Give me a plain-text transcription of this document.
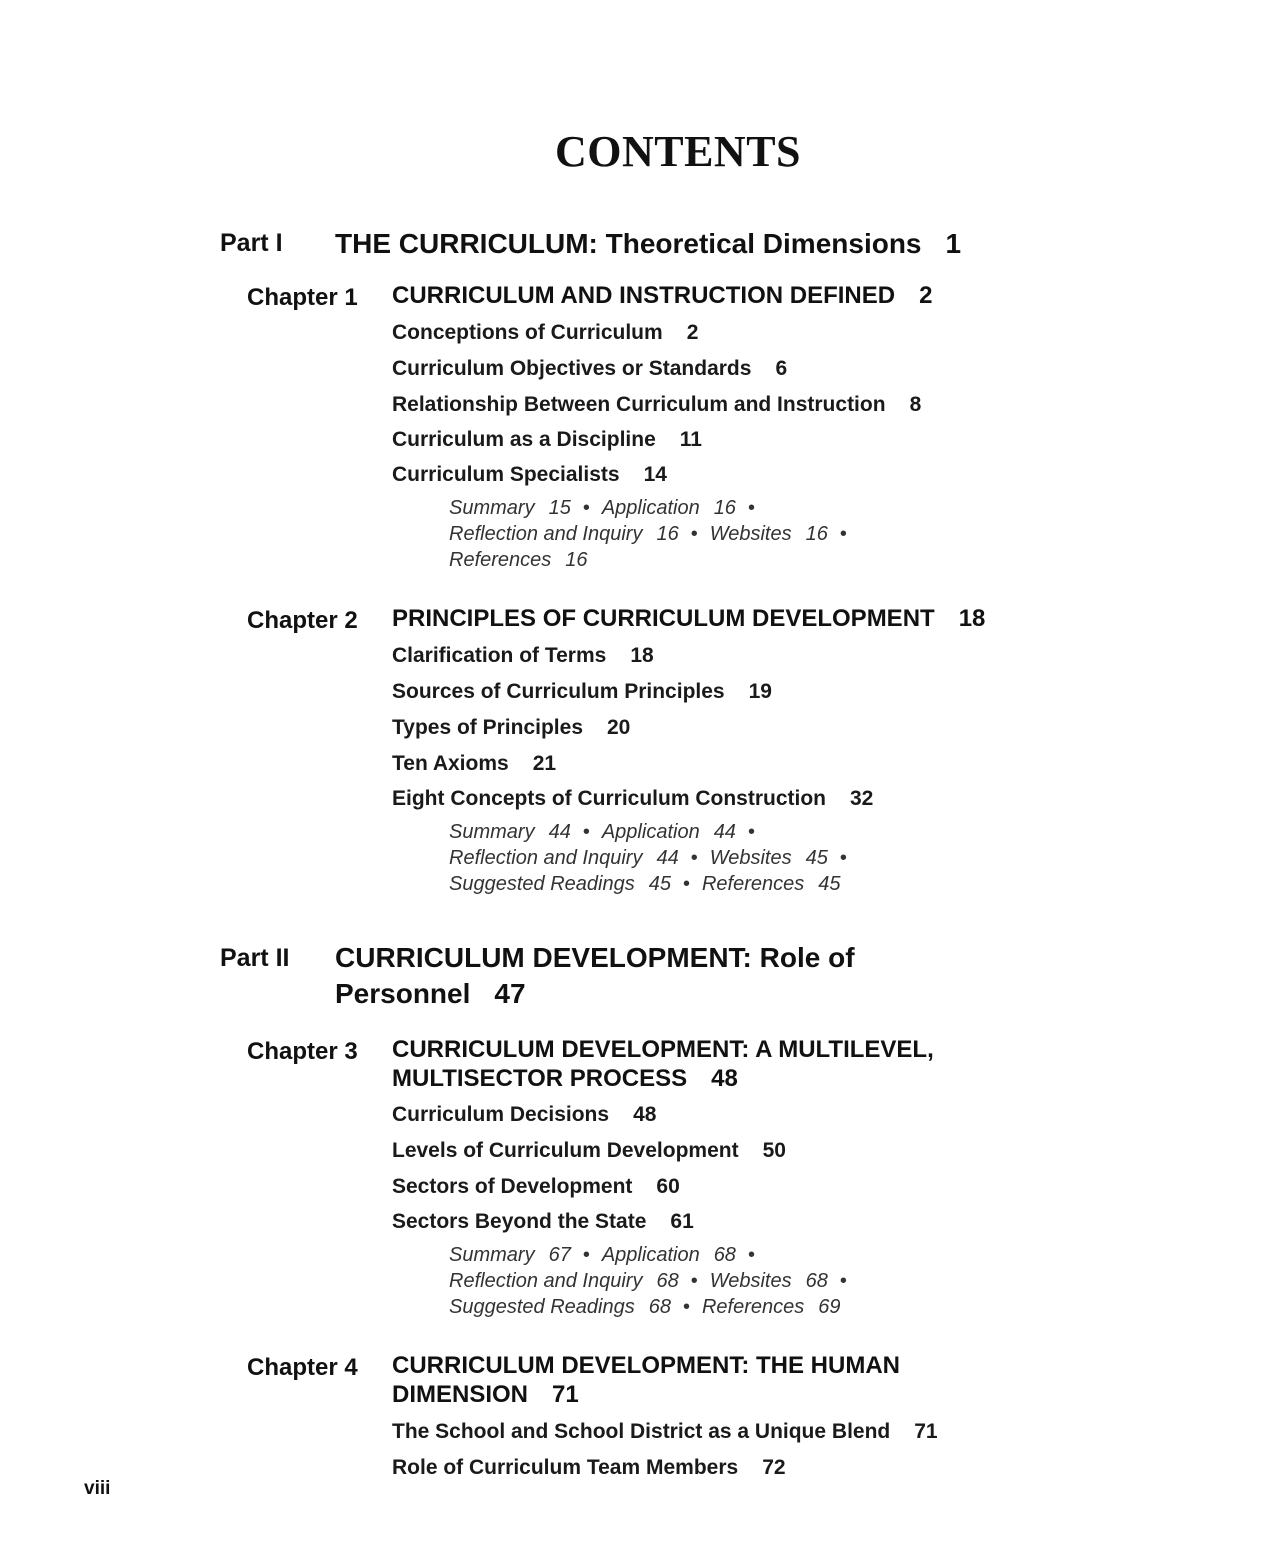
CONTENTS
Part I THE CURRICULUM: Theoretical Dimensions 1
Chapter 1 CURRICULUM AND INSTRUCTION DEFINED 2
Conceptions of Curriculum 2
Curriculum Objectives or Standards 6
Relationship Between Curriculum and Instruction 8
Curriculum as a Discipline 11
Curriculum Specialists 14
Summary 15 • Application 16 •
Reflection and Inquiry 16 • Websites 16 •
References 16
Chapter 2 PRINCIPLES OF CURRICULUM DEVELOPMENT 18
Clarification of Terms 18
Sources of Curriculum Principles 19
Types of Principles 20
Ten Axioms 21
Eight Concepts of Curriculum Construction 32
Summary 44 • Application 44 •
Reflection and Inquiry 44 • Websites 45 •
Suggested Readings 45 • References 45
Part II CURRICULUM DEVELOPMENT: Role of
Personnel 47
Chapter 3 CURRICULUM DEVELOPMENT: A MULTILEVEL,
MULTISECTOR PROCESS 48
Curriculum Decisions 48
Levels of Curriculum Development 50
Sectors of Development 60
Sectors Beyond the State 61
Summary 67 • Application 68 •
Reflection and Inquiry 68 • Websites 68 •
Suggested Readings 68 • References 69
Chapter 4 CURRICULUM DEVELOPMENT: THE HUMAN
DIMENSION 71
The School and School District as a Unique Blend 71
Role of Curriculum Team Members 72
viii
